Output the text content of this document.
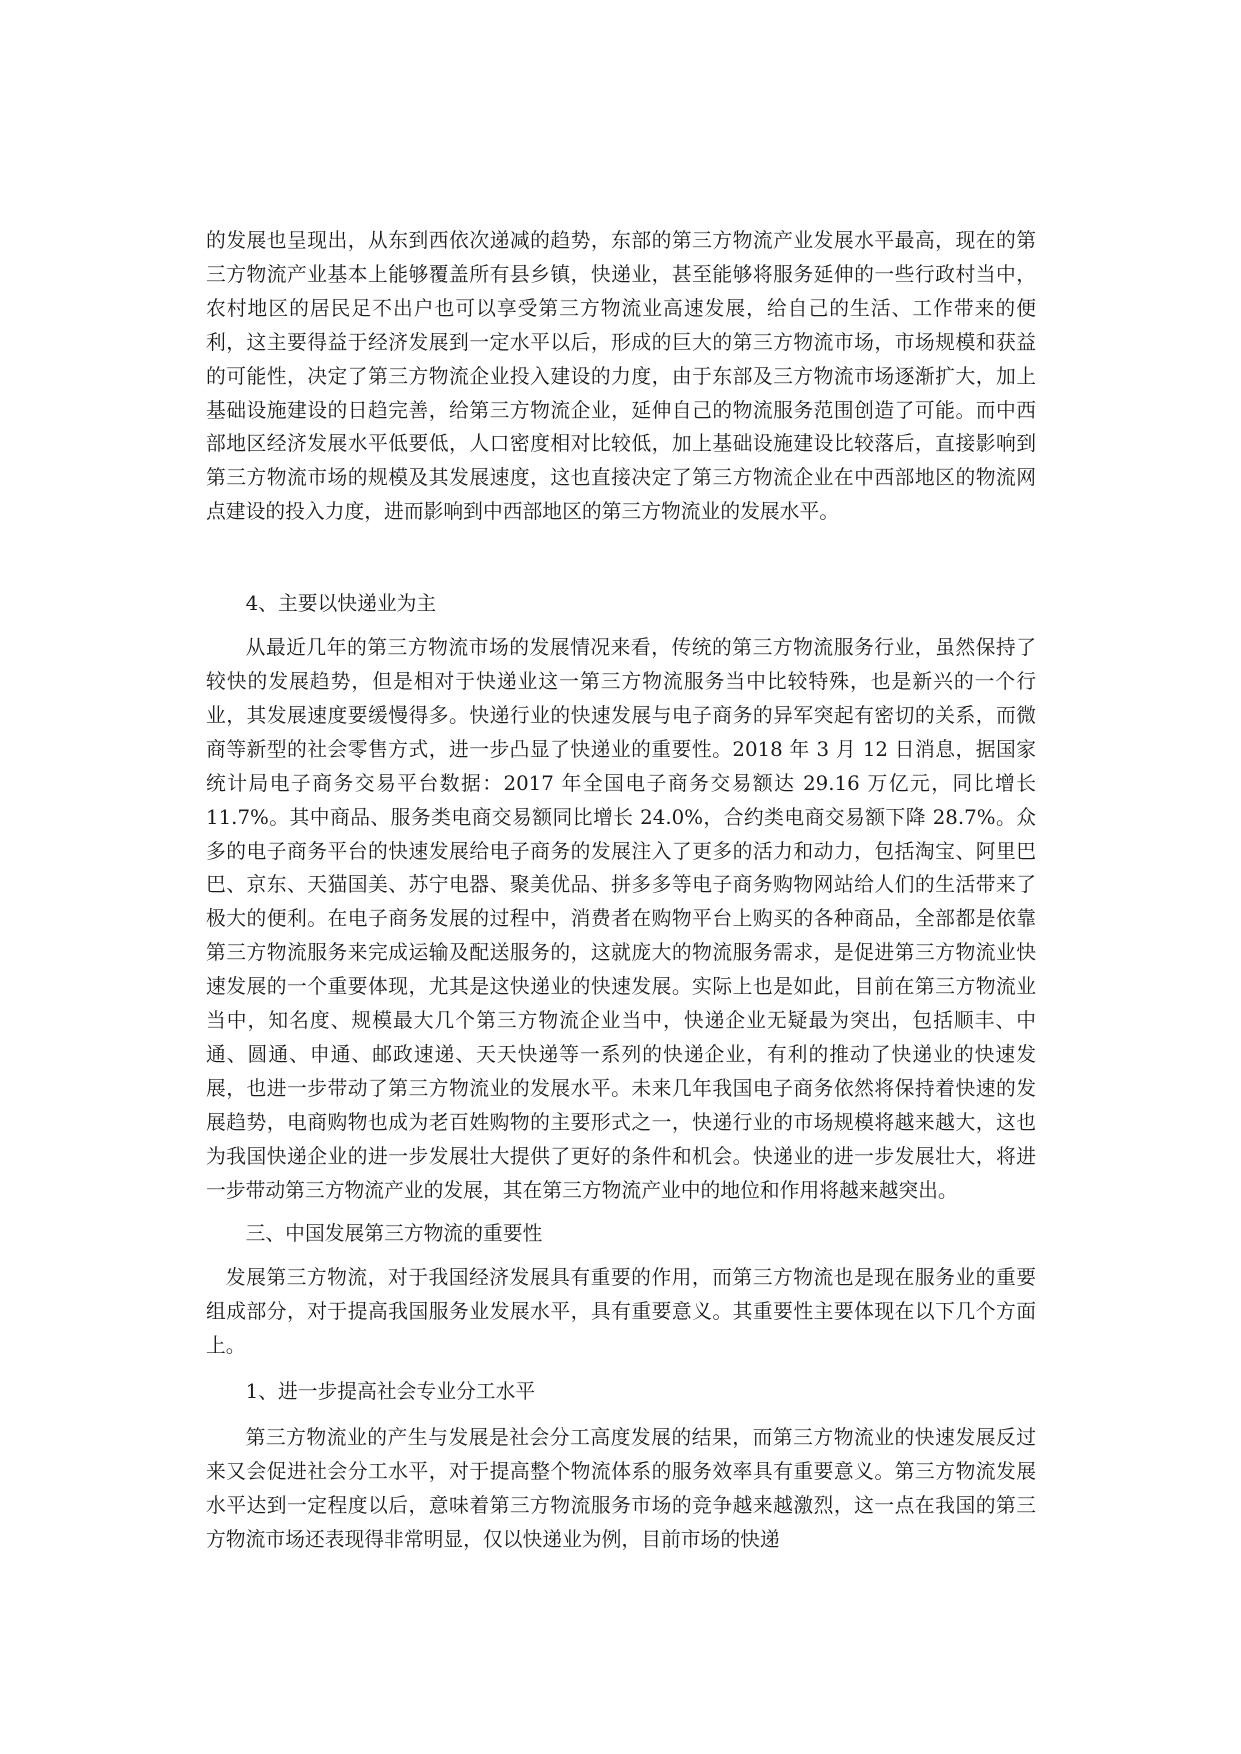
的发展也呈现出，从东到西依次递减的趋势，东部的第三方物流产业发展水平最高，现在的第三方物流产业基本上能够覆盖所有县乡镇，快递业，甚至能够将服务延伸的一些行政村当中，农村地区的居民足不出户也可以享受第三方物流业高速发展，给自己的生活、工作带来的便利，这主要得益于经济发展到一定水平以后，形成的巨大的第三方物流市场，市场规模和获益的可能性，决定了第三方物流企业投入建设的力度，由于东部及三方物流市场逐渐扩大，加上基础设施建设的日趋完善，给第三方物流企业，延伸自己的物流服务范围创造了可能。而中西部地区经济发展水平低要低，人口密度相对比较低，加上基础设施建设比较落后，直接影响到第三方物流市场的规模及其发展速度，这也直接决定了第三方物流企业在中西部地区的物流网点建设的投入力度，进而影响到中西部地区的第三方物流业的发展水平。

4、主要以快递业为主

从最近几年的第三方物流市场的发展情况来看，传统的第三方物流服务行业，虽然保持了较快的发展趋势，但是相对于快递业这一第三方物流服务当中比较特殊，也是新兴的一个行业，其发展速度要缓慢得多。快递行业的快速发展与电子商务的异军突起有密切的关系，而微商等新型的社会零售方式，进一步凸显了快递业的重要性。2018 年 3 月 12 日消息，据国家统计局电子商务交易平台数据：2017 年全国电子商务交易额达 29.16 万亿元，同比增长 11.7%。其中商品、服务类电商交易额同比增长 24.0%，合约类电商交易额下降 28.7%。众多的电子商务平台的快速发展给电子商务的发展注入了更多的活力和动力，包括淘宝、阿里巴巴、京东、天猫国美、苏宁电器、聚美优品、拼多多等电子商务购物网站给人们的生活带来了极大的便利。在电子商务发展的过程中，消费者在购物平台上购买的各种商品，全部都是依靠第三方物流服务来完成运输及配送服务的，这就庞大的物流服务需求，是促进第三方物流业快速发展的一个重要体现，尤其是这快递业的快速发展。实际上也是如此，目前在第三方物流业当中，知名度、规模最大几个第三方物流企业当中，快递企业无疑最为突出，包括顺丰、中通、圆通、申通、邮政速递、天天快递等一系列的快递企业，有利的推动了快递业的快速发展，也进一步带动了第三方物流业的发展水平。未来几年我国电子商务依然将保持着快速的发展趋势，电商购物也成为老百姓购物的主要形式之一，快递行业的市场规模将越来越大，这也为我国快递企业的进一步发展壮大提供了更好的条件和机会。快递业的进一步发展壮大，将进一步带动第三方物流产业的发展，其在第三方物流产业中的地位和作用将越来越突出。

三、中国发展第三方物流的重要性

发展第三方物流，对于我国经济发展具有重要的作用，而第三方物流也是现在服务业的重要组成部分，对于提高我国服务业发展水平，具有重要意义。其重要性主要体现在以下几个方面上。

1、进一步提高社会专业分工水平

第三方物流业的产生与发展是社会分工高度发展的结果，而第三方物流业的快速发展反过来又会促进社会分工水平，对于提高整个物流体系的服务效率具有重要意义。第三方物流发展水平达到一定程度以后，意味着第三方物流服务市场的竞争越来越激烈，这一点在我国的第三方物流市场还表现得非常明显，仅以快递业为例，目前市场的快递
